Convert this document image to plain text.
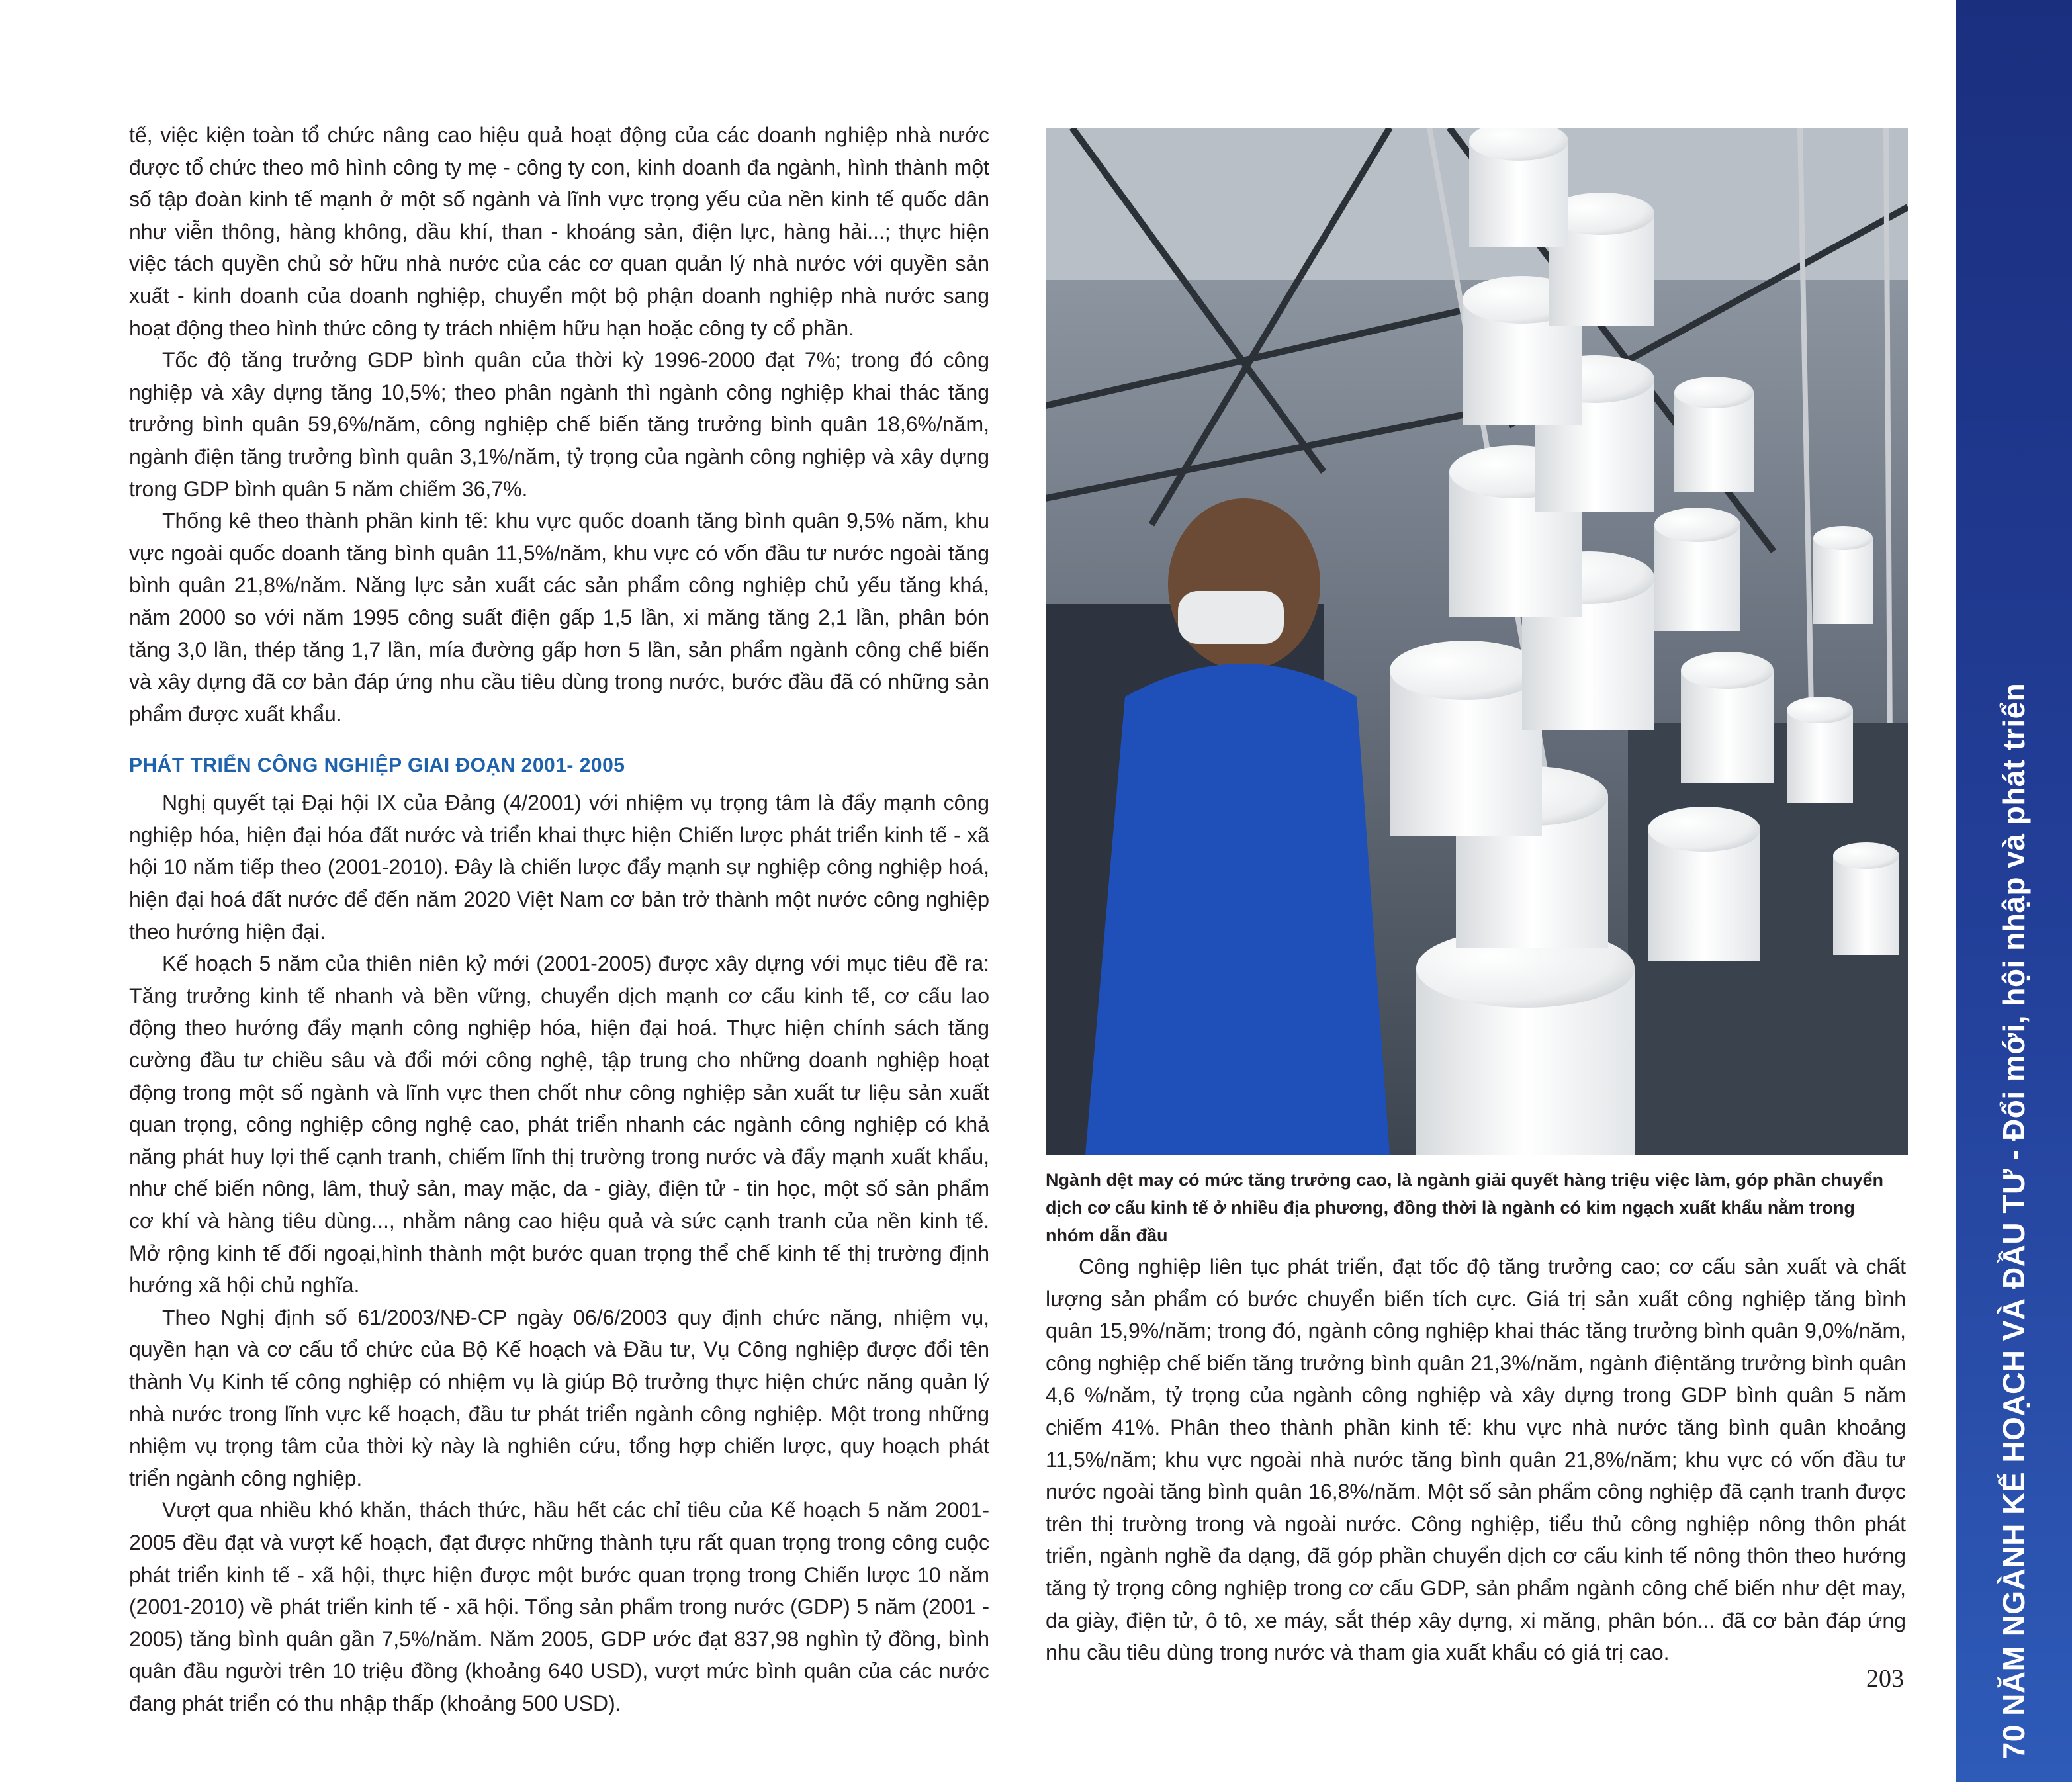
tế, việc kiện toàn tổ chức nâng cao hiệu quả hoạt động của các doanh nghiệp nhà nước được tổ chức theo mô hình công ty mẹ - công ty con, kinh doanh đa ngành, hình thành một số tập đoàn kinh tế mạnh ở một số ngành và lĩnh vực trọng yếu của nền kinh tế quốc dân như viễn thông, hàng không, dầu khí, than - khoáng sản, điện lực, hàng hải...; thực hiện việc tách quyền chủ sở hữu nhà nước của các cơ quan quản lý nhà nước với quyền sản xuất - kinh doanh của doanh nghiệp, chuyển một bộ phận doanh nghiệp nhà nước sang hoạt động theo hình thức công ty trách nhiệm hữu hạn hoặc công ty cổ phần.

Tốc độ tăng trưởng GDP bình quân của thời kỳ 1996-2000 đạt 7%; trong đó công nghiệp và xây dựng tăng 10,5%; theo phân ngành thì ngành công nghiệp khai thác tăng trưởng bình quân 59,6%/năm, công nghiệp chế biến tăng trưởng bình quân 18,6%/năm, ngành điện tăng trưởng bình quân 3,1%/năm, tỷ trọng của ngành công nghiệp và xây dựng trong GDP bình quân 5 năm chiếm 36,7%.

Thống kê theo thành phần kinh tế: khu vực quốc doanh tăng bình quân 9,5% năm, khu vực ngoài quốc doanh tăng bình quân 11,5%/năm, khu vực có vốn đầu tư nước ngoài tăng bình quân 21,8%/năm. Năng lực sản xuất các sản phẩm công nghiệp chủ yếu tăng khá, năm 2000 so với năm 1995 công suất điện gấp 1,5 lần, xi măng tăng 2,1 lần, phân bón tăng 3,0 lần, thép tăng 1,7 lần, mía đường gấp hơn 5 lần, sản phẩm ngành công chế biến và xây dựng đã cơ bản đáp ứng nhu cầu tiêu dùng trong nước, bước đầu đã có những sản phẩm được xuất khẩu.

PHÁT TRIỂN CÔNG NGHIỆP GIAI ĐOẠN 2001- 2005

Nghị quyết tại Đại hội IX của Đảng (4/2001) với nhiệm vụ trọng tâm là đẩy mạnh công nghiệp hóa, hiện đại hóa đất nước và triển khai thực hiện Chiến lược phát triển kinh tế - xã hội 10 năm tiếp theo (2001-2010). Đây là chiến lược đẩy mạnh sự nghiệp công nghiệp hoá, hiện đại hoá đất nước để đến năm 2020 Việt Nam cơ bản trở thành một nước công nghiệp theo hướng hiện đại.

Kế hoạch 5 năm của thiên niên kỷ mới (2001-2005) được xây dựng với mục tiêu đề ra: Tăng trưởng kinh tế nhanh và bền vững, chuyển dịch mạnh cơ cấu kinh tế, cơ cấu lao động theo hướng đẩy mạnh công nghiệp hóa, hiện đại hoá. Thực hiện chính sách tăng cường đầu tư chiều sâu và đổi mới công nghệ, tập trung cho những doanh nghiệp hoạt động trong một số ngành và lĩnh vực then chốt như công nghiệp sản xuất tư liệu sản xuất quan trọng, công nghiệp công nghệ cao, phát triển nhanh các ngành công nghiệp có khả năng phát huy lợi thế cạnh tranh, chiếm lĩnh thị trường trong nước và đẩy mạnh xuất khẩu, như chế biến nông, lâm, thuỷ sản, may mặc, da - giày, điện tử - tin học, một số sản phẩm cơ khí và hàng tiêu dùng..., nhằm nâng cao hiệu quả và sức cạnh tranh của nền kinh tế. Mở rộng kinh tế đối ngoại,hình thành một bước quan trọng thể chế kinh tế thị trường định hướng xã hội chủ nghĩa.

Theo Nghị định số 61/2003/NĐ-CP ngày 06/6/2003 quy định chức năng, nhiệm vụ, quyền hạn và cơ cấu tổ chức của Bộ Kế hoạch và Đầu tư, Vụ Công nghiệp được đổi tên thành Vụ Kinh tế công nghiệp có nhiệm vụ là giúp Bộ trưởng thực hiện chức năng quản lý nhà nước trong lĩnh vực kế hoạch, đầu tư phát triển ngành công nghiệp. Một trong những nhiệm vụ trọng tâm của thời kỳ này là nghiên cứu, tổng hợp chiến lược, quy hoạch phát triển ngành công nghiệp.

Vượt qua nhiều khó khăn, thách thức, hầu hết các chỉ tiêu của Kế hoạch 5 năm 2001-2005 đều đạt và vượt kế hoạch, đạt được những thành tựu rất quan trọng trong công cuộc phát triển kinh tế - xã hội, thực hiện được một bước quan trọng trong Chiến lược 10 năm (2001-2010) về phát triển kinh tế - xã hội. Tổng sản phẩm trong nước (GDP) 5 năm (2001 - 2005) tăng bình quân gần 7,5%/năm. Năm 2005, GDP ước đạt 837,98 nghìn tỷ đồng, bình quân đầu người trên 10 triệu đồng (khoảng 640 USD), vượt mức bình quân của các nước đang phát triển có thu nhập thấp (khoảng 500 USD).

Ngành dệt may có mức tăng trưởng cao, là ngành giải quyết hàng triệu việc làm, góp phần chuyển dịch cơ cấu kinh tế ở nhiều địa phương, đồng thời là ngành có kim ngạch xuất khẩu nằm trong nhóm dẫn đầu

Công nghiệp liên tục phát triển, đạt tốc độ tăng trưởng cao; cơ cấu sản xuất và chất lượng sản phẩm có bước chuyển biến tích cực. Giá trị sản xuất công nghiệp tăng bình quân 15,9%/năm; trong đó, ngành công nghiệp khai thác tăng trưởng bình quân 9,0%/năm, công nghiệp chế biến tăng trưởng bình quân 21,3%/năm, ngành điệntăng trưởng bình quân 4,6 %/năm, tỷ trọng của ngành công nghiệp và xây dựng trong GDP bình quân 5 năm chiếm 41%. Phân theo thành phần kinh tế: khu vực nhà nước tăng bình quân khoảng 11,5%/năm; khu vực ngoài nhà nước tăng bình quân 21,8%/năm; khu vực có vốn đầu tư nước ngoài tăng bình quân 16,8%/năm. Một số sản phẩm công nghiệp đã cạnh tranh được trên thị trường trong và ngoài nước. Công nghiệp, tiểu thủ công nghiệp nông thôn phát triển, ngành nghề đa dạng, đã góp phần chuyển dịch cơ cấu kinh tế nông thôn theo hướng tăng tỷ trọng công nghiệp trong cơ cấu GDP, sản phẩm ngành công chế biến như dệt may, da giày, điện tử, ô tô, xe máy, sắt thép xây dựng, xi măng, phân bón... đã cơ bản đáp ứng nhu cầu tiêu dùng trong nước và tham gia xuất khẩu có giá trị cao.

203	70 NĂM NGÀNH KẾ HOẠCH VÀ ĐẦU TƯ - Đổi mới, hội nhập và phát triển
